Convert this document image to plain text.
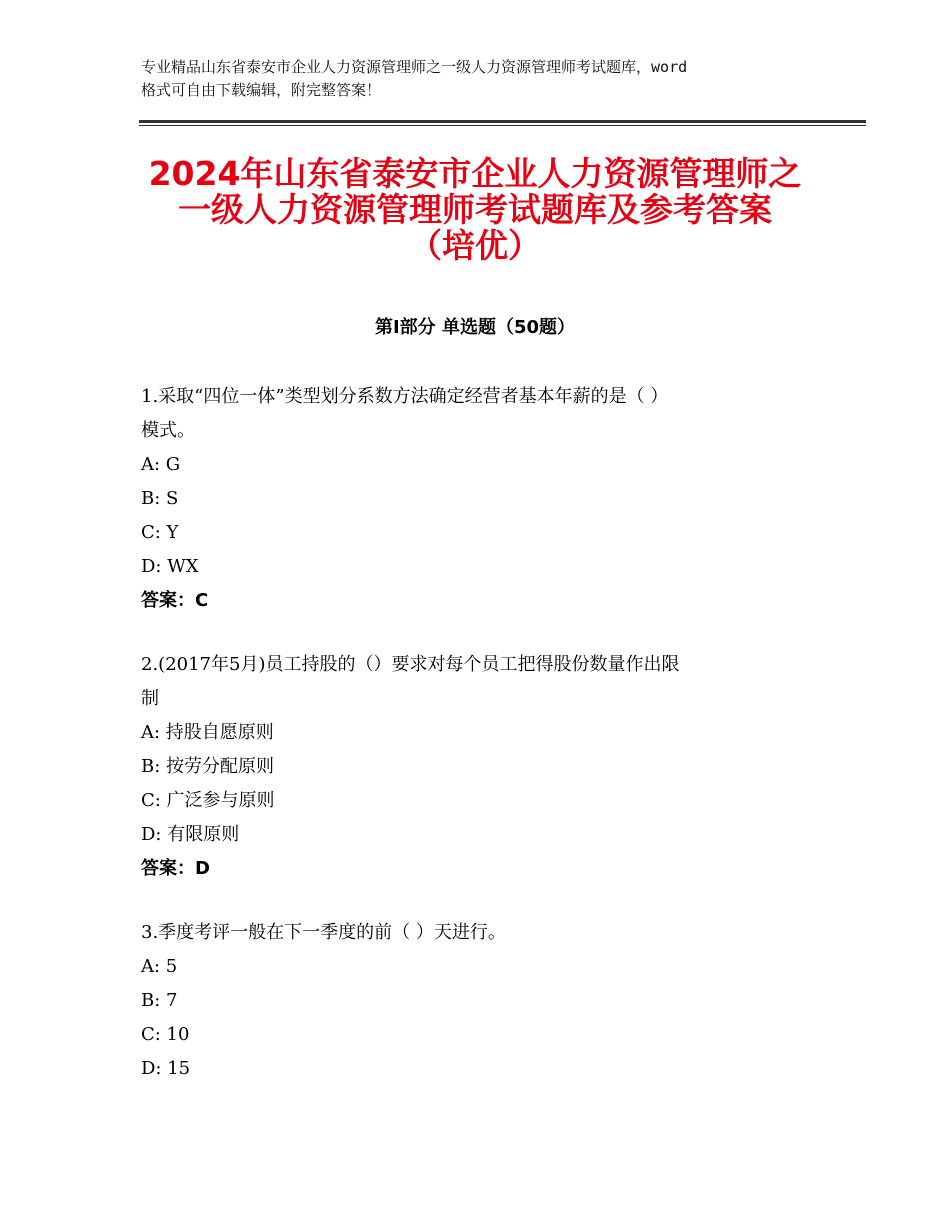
专业精品山东省泰安市企业人力资源管理师之一级人力资源管理师考试题库，word
格式可自由下载编辑，附完整答案！
2024年山东省泰安市企业人力资源管理师之
一级人力资源管理师考试题库及参考答案
（培优）
第Ⅰ部分 单选题（50题）
1.采取“四位一体”类型划分系数方法确定经营者基本年薪的是（ ）
模式。
A: G
B: S
C: Y
D: WX
答案：C
2.(2017年5月)员工持股的（）要求对每个员工把得股份数量作出限
制
A: 持股自愿原则
B: 按劳分配原则
C: 广泛参与原则
D: 有限原则
答案：D
3.季度考评一般在下一季度的前（ ）天进行。
A: 5
B: 7
C: 10
D: 15
